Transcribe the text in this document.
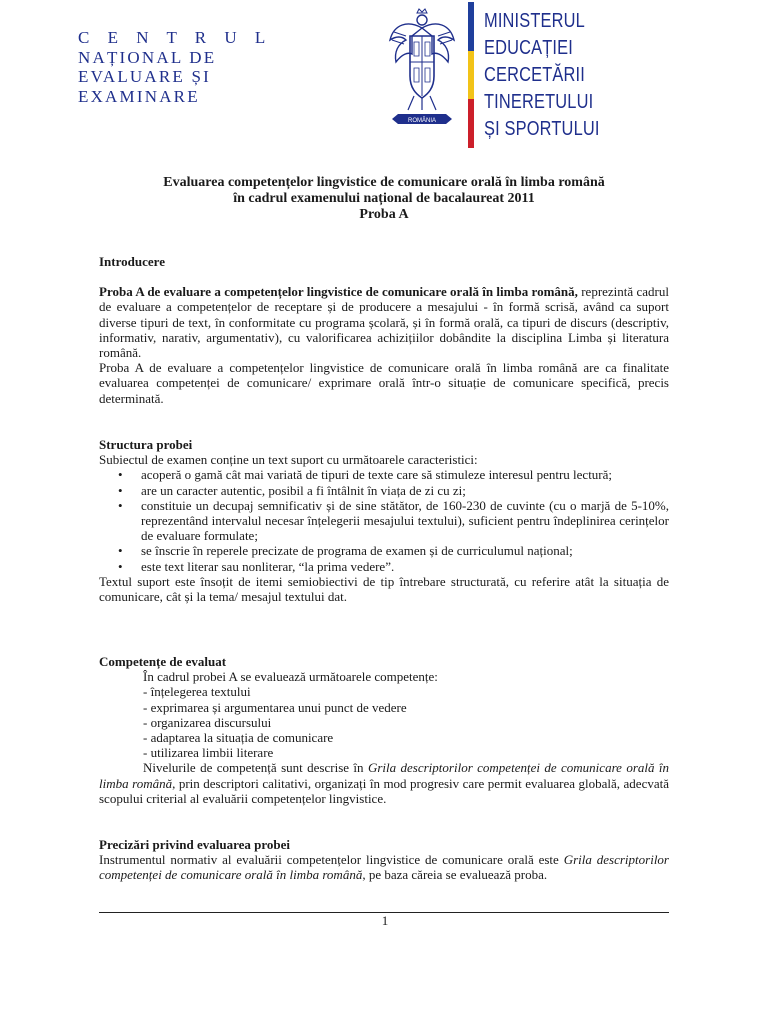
C E N T R U L
NAȚIONAL DE
EVALUARE ȘI
EXAMINARE
ROMÂNIA
MINISTERUL
EDUCAȚIEI
CERCETĂRII
TINERETULUI
ȘI SPORTULUI
Evaluarea competențelor lingvistice de comunicare orală în limba română
în cadrul examenului național de bacalaureat 2011
Proba A

Introducere

Proba A de evaluare a competențelor lingvistice de comunicare orală în limba română, reprezintă cadrul de evaluare a competențelor de receptare și de producere a mesajului - în formă scrisă, având ca suport diverse tipuri de text, în conformitate cu programa școlară, și în formă orală, ca tipuri de discurs (descriptiv, informativ, narativ, argumentativ), cu valorificarea achizițiilor dobândite la disciplina Limba și literatura română.

Proba A de evaluare a competențelor lingvistice de comunicare orală în limba română are ca finalitate evaluarea competenței de comunicare/ exprimare orală într-o situație de comunicare specifică, precis determinată.

Structura probei

Subiectul de examen conține un text suport cu următoarele caracteristici:

• acoperă o gamă cât mai variată de tipuri de texte care să stimuleze interesul pentru lectură;
• are un caracter autentic, posibil a fi întâlnit în viața de zi cu zi;
• constituie un decupaj semnificativ și de sine stătător, de 160-230 de cuvinte (cu o marjă de 5-10%, reprezentând intervalul necesar înțelegerii mesajului textului), suficient pentru îndeplinirea cerințelor de evaluare formulate;
• se înscrie în reperele precizate de programa de examen și de curriculumul național;
• este text literar sau nonliterar, “la prima vedere”.

Textul suport este însoțit de itemi semiobiectivi de tip întrebare structurată, cu referire atât la situația de comunicare, cât și la tema/ mesajul textului dat.

Competențe de evaluat

În cadrul probei A se evaluează următoarele competențe:

- înțelegerea textului

- exprimarea și argumentarea unui punct de vedere

- organizarea discursului

- adaptarea la situația de comunicare

- utilizarea limbii literare

Nivelurile de competență sunt descrise în Grila descriptorilor competenței de comunicare orală în limba română, prin descriptori calitativi, organizați în mod progresiv care permit evaluarea globală, adecvată scopului criterial al evaluării competențelor lingvistice.

Precizări privind evaluarea probei

Instrumentul normativ al evaluării competențelor lingvistice de comunicare orală este Grila descriptorilor competenței de comunicare orală în limba română, pe baza căreia se evaluează proba.

1
